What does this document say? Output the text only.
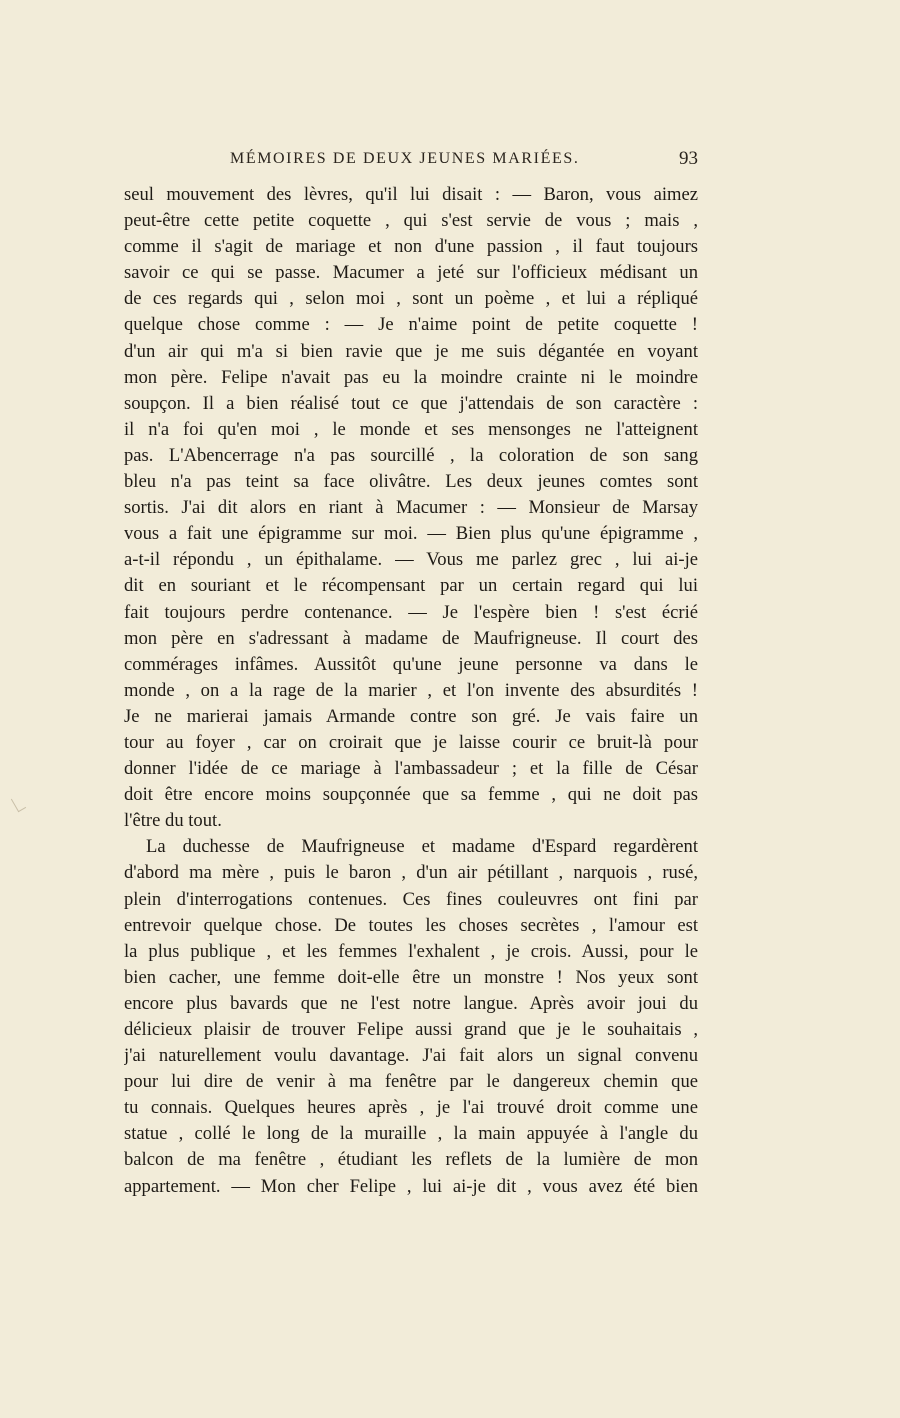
MÉMOIRES DE DEUX JEUNES MARIÉES.	93
seul mouvement des lèvres, qu'il lui disait : — Baron, vous aimez
peut-être cette petite coquette , qui s'est servie de vous ; mais ,
comme il s'agit de mariage et non d'une passion , il faut toujours
savoir ce qui se passe. Macumer a jeté sur l'officieux médisant un
de ces regards qui , selon moi , sont un poème , et lui a répliqué
quelque chose comme : — Je n'aime point de petite coquette !
d'un air qui m'a si bien ravie que je me suis dégantée en voyant
mon père. Felipe n'avait pas eu la moindre crainte ni le moindre
soupçon. Il a bien réalisé tout ce que j'attendais de son caractère :
il n'a foi qu'en moi , le monde et ses mensonges ne l'atteignent
pas. L'Abencerrage n'a pas sourcillé , la coloration de son sang
bleu n'a pas teint sa face olivâtre. Les deux jeunes comtes sont
sortis. J'ai dit alors en riant à Macumer : — Monsieur de Marsay
vous a fait une épigramme sur moi. — Bien plus qu'une épigramme ,
a-t-il répondu , un épithalame. — Vous me parlez grec , lui ai-je
dit en souriant et le récompensant par un certain regard qui lui
fait toujours perdre contenance. — Je l'espère bien ! s'est écrié
mon père en s'adressant à madame de Maufrigneuse. Il court des
commérages infâmes. Aussitôt qu'une jeune personne va dans le
monde , on a la rage de la marier , et l'on invente des absurdités !
Je ne marierai jamais Armande contre son gré. Je vais faire un
tour au foyer , car on croirait que je laisse courir ce bruit-là pour
donner l'idée de ce mariage à l'ambassadeur ; et la fille de César
doit être encore moins soupçonnée que sa femme , qui ne doit pas
l'être du tout.
La duchesse de Maufrigneuse et madame d'Espard regardèrent
d'abord ma mère , puis le baron , d'un air pétillant , narquois , rusé,
plein d'interrogations contenues. Ces fines couleuvres ont fini par
entrevoir quelque chose. De toutes les choses secrètes , l'amour est
la plus publique , et les femmes l'exhalent , je crois. Aussi, pour le
bien cacher, une femme doit-elle être un monstre ! Nos yeux sont
encore plus bavards que ne l'est notre langue. Après avoir joui du
délicieux plaisir de trouver Felipe aussi grand que je le souhaitais ,
j'ai naturellement voulu davantage. J'ai fait alors un signal convenu
pour lui dire de venir à ma fenêtre par le dangereux chemin que
tu connais. Quelques heures après , je l'ai trouvé droit comme une
statue , collé le long de la muraille , la main appuyée à l'angle du
balcon de ma fenêtre , étudiant les reflets de la lumière de mon
appartement. — Mon cher Felipe , lui ai-je dit , vous avez été bien
